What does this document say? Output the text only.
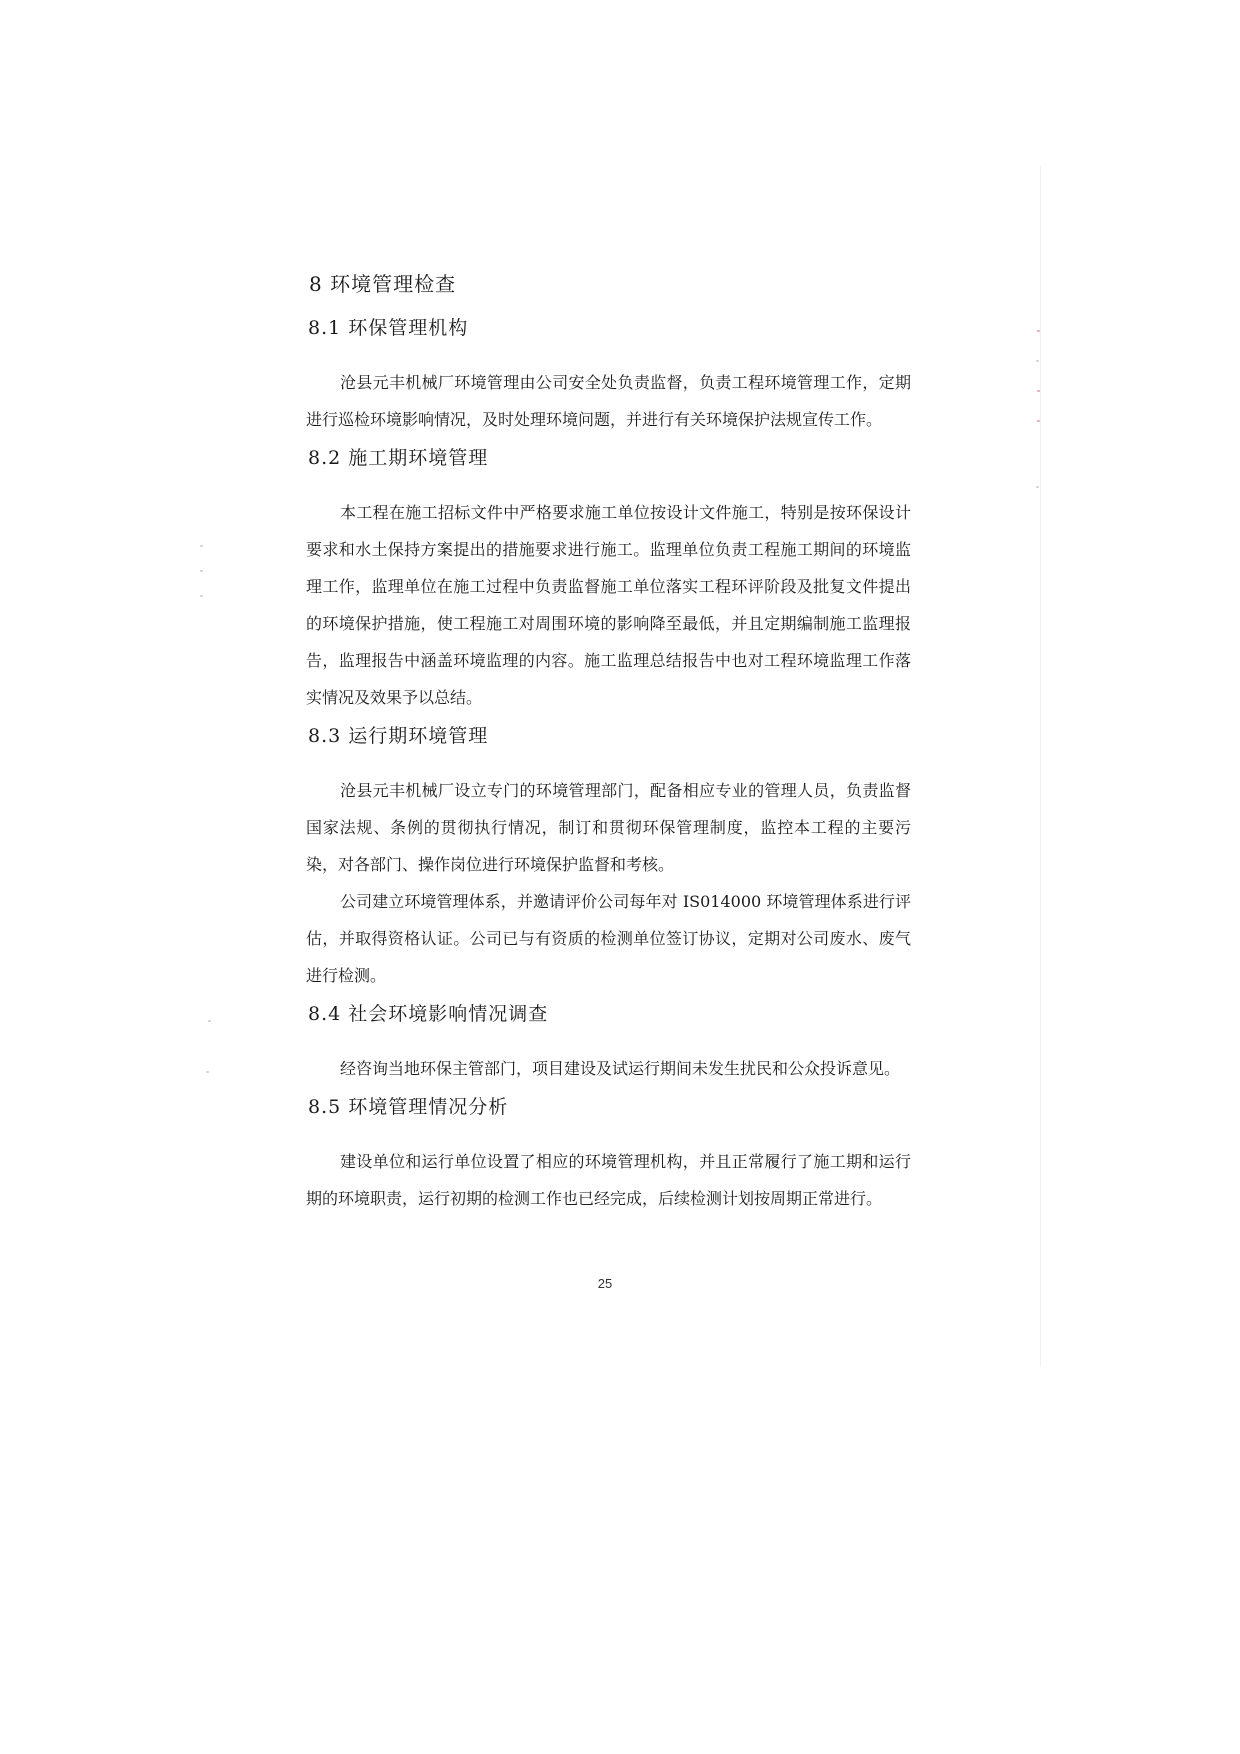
8 环境管理检查
8.1 环保管理机构

沧县元丰机械厂环境管理由公司安全处负责监督，负责工程环境管理工作，定期进行巡检环境影响情况，及时处理环境问题，并进行有关环境保护法规宣传工作。

8.2 施工期环境管理

本工程在施工招标文件中严格要求施工单位按设计文件施工，特别是按环保设计要求和水土保持方案提出的措施要求进行施工。监理单位负责工程施工期间的环境监理工作，监理单位在施工过程中负责监督施工单位落实工程环评阶段及批复文件提出的环境保护措施，使工程施工对周围环境的影响降至最低，并且定期编制施工监理报告，监理报告中涵盖环境监理的内容。施工监理总结报告中也对工程环境监理工作落实情况及效果予以总结。

8.3 运行期环境管理

沧县元丰机械厂设立专门的环境管理部门，配备相应专业的管理人员，负责监督国家法规、条例的贯彻执行情况，制订和贯彻环保管理制度，监控本工程的主要污染，对各部门、操作岗位进行环境保护监督和考核。

公司建立环境管理体系，并邀请评价公司每年对 IS014000 环境管理体系进行评估，并取得资格认证。公司已与有资质的检测单位签订协议，定期对公司废水、废气进行检测。

8.4 社会环境影响情况调查

经咨询当地环保主管部门，项目建设及试运行期间未发生扰民和公众投诉意见。

8.5 环境管理情况分析

建设单位和运行单位设置了相应的环境管理机构，并且正常履行了施工期和运行期的环境职责，运行初期的检测工作也已经完成，后续检测计划按周期正常进行。

25
